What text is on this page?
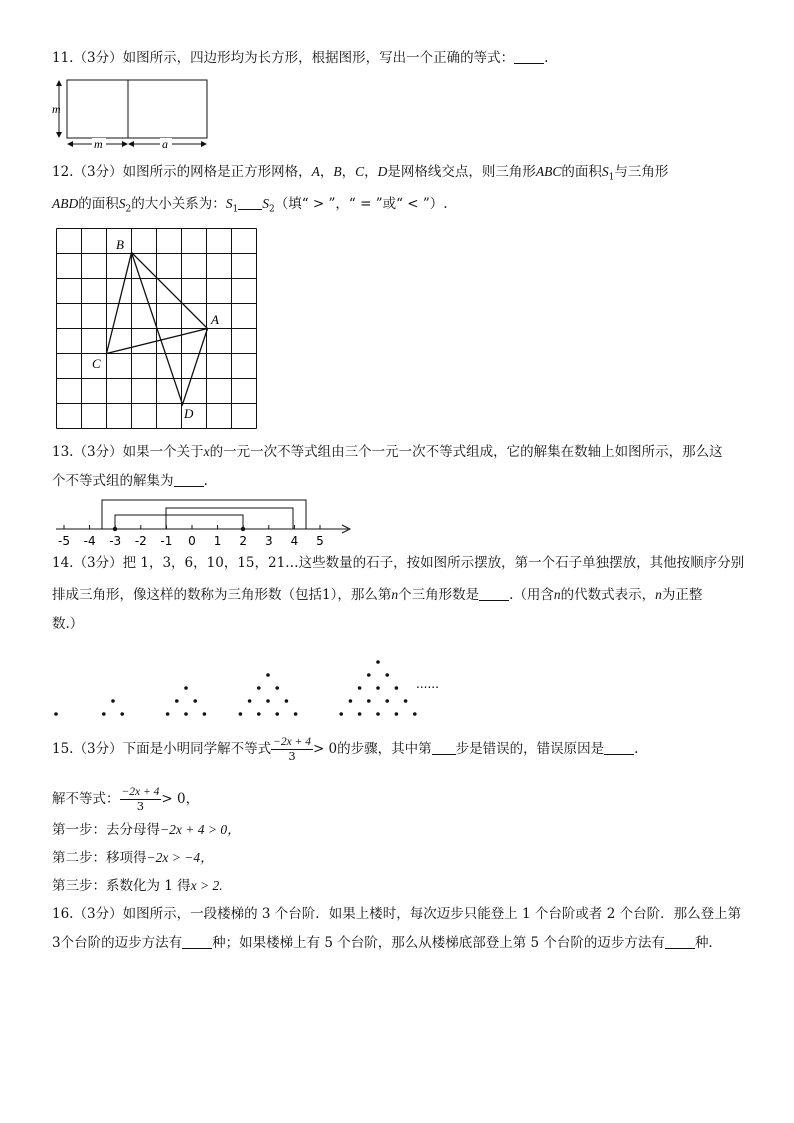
11.（3分）如图所示，四边形均为长方形，根据图形，写出一个正确的等式： .
m
m	a
12.（3分）如图所示的网格是正方形网格，A，B，C，D是网格线交点，则三角形ABC的面积$S_1$与三角形
ABD的面积$S_2$的大小关系为：$S_1$ $S_2$（填“ > ”，“ = ”或“ < ”）.
B
A
C
D
13.（3分）如果一个关于x的一元一次不等式组由三个一元一次不等式组成，它的解集在数轴上如图所示，那么这
个不等式组的解集为 .
-5 -4 -3 -2 -1 0 1 2 3 4 5
14.（3分）把 1，3，6，10，15，21…这些数量的石子，按如图所示摆放，第一个石子单独摆放，其他按顺序分别
排成三角形，像这样的数称为三角形数（包括1），那么第n个三角形数是 .（用含n的代数式表示，n为正整
数.）
......
15.（3分）下面是小明同学解不等式 $\frac{-2x + 4}{3} > 0$的步骤，其中第 步是错误的，错误原因是 .
解不等式： $\frac{-2x + 4}{3} > 0$，
第一步：去分母得−2x + 4 > 0，
第二步：移项得−2x > −4，
第三步：系数化为 1 得x > 2.
16.（3分）如图所示，一段楼梯的 3 个台阶．如果上楼时，每次迈步只能登上 1 个台阶或者 2 个台阶．那么登上第
3个台阶的迈步方法有 种；如果楼梯上有 5 个台阶，那么从楼梯底部登上第 5 个台阶的迈步方法有 种.
